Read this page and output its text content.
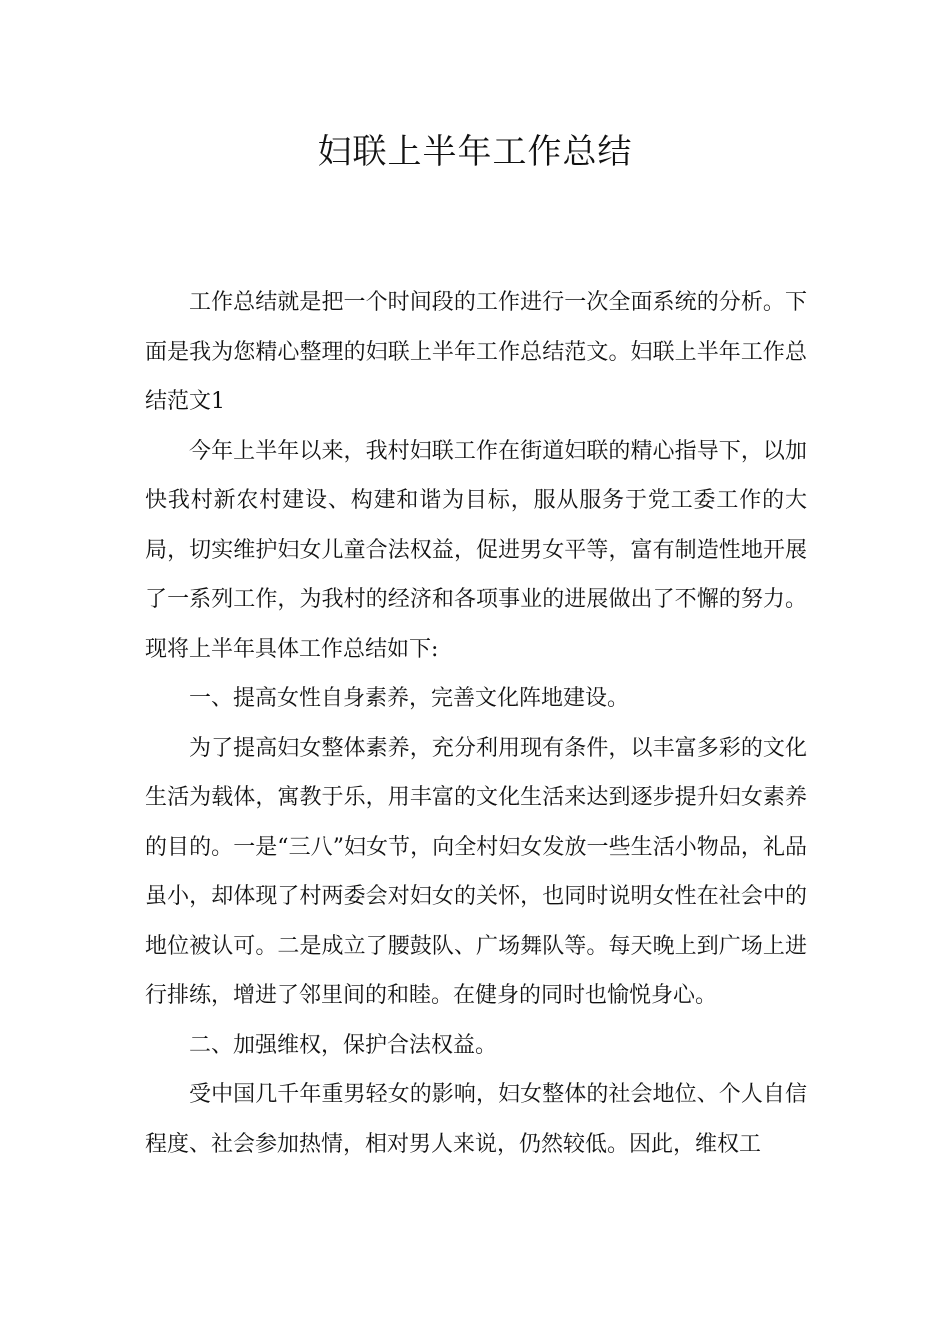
妇联上半年工作总结

工作总结就是把一个时间段的工作进行一次全面系统的分析。下面是我为您精心整理的妇联上半年工作总结范文。妇联上半年工作总结范文1

今年上半年以来，我村妇联工作在街道妇联的精心指导下，以加快我村新农村建设、构建和谐为目标，服从服务于党工委工作的大局，切实维护妇女儿童合法权益，促进男女平等，富有制造性地开展了一系列工作，为我村的经济和各项事业的进展做出了不懈的努力。现将上半年具体工作总结如下:

一、提高女性自身素养，完善文化阵地建设。

为了提高妇女整体素养，充分利用现有条件，以丰富多彩的文化生活为载体，寓教于乐，用丰富的文化生活来达到逐步提升妇女素养的目的。一是“三八”妇女节，向全村妇女发放一些生活小物品，礼品虽小，却体现了村两委会对妇女的关怀，也同时说明女性在社会中的地位被认可。二是成立了腰鼓队、广场舞队等。每天晚上到广场上进行排练，增进了邻里间的和睦。在健身的同时也愉悦身心。

二、加强维权，保护合法权益。

受中国几千年重男轻女的影响，妇女整体的社会地位、个人自信程度、社会参加热情，相对男人来说，仍然较低。因此，维权工
